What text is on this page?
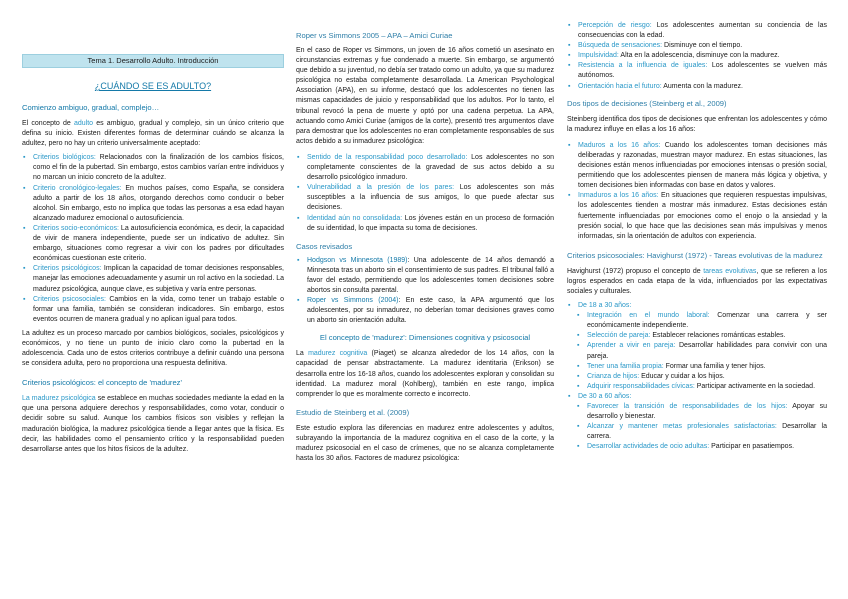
Tema 1. Desarrollo Adulto. Introducción
¿CUÁNDO SE ES ADULTO?
Comienzo ambiguo, gradual, complejo…

El concepto de adulto es ambiguo, gradual y complejo, sin un único criterio que defina su inicio. Existen diferentes formas de determinar cuándo se alcanza la adultez, pero no hay un criterio universalmente aceptado:

▪ Criterios biológicos: Relacionados con la finalización de los cambios físicos, como el fin de la pubertad. Sin embargo, estos cambios varían entre individuos y no marcan un inicio concreto de la adultez.
▪ Criterio cronológico-legales: En muchos países, como España, se considera adulto a partir de los 18 años, otorgando derechos como conducir o beber alcohol. Sin embargo, esto no implica que todas las personas a esa edad hayan alcanzado madurez emocional o autosuficiencia.
▪ Criterios socio-económicos: La autosuficiencia económica, es decir, la capacidad de vivir de manera independiente, puede ser un indicativo de adultez. Sin embargo, situaciones como regresar a vivir con los padres por dificultades económicas cuestionan este criterio.
▪ Criterios psicológicos: Implican la capacidad de tomar decisiones responsables, manejar las emociones adecuadamente y asumir un rol activo en la sociedad. La madurez psicológica, aunque clave, es subjetiva y varía entre personas.
▪ Criterios psicosociales: Cambios en la vida, como tener un trabajo estable o formar una familia, también se consideran indicadores. Sin embargo, estos eventos ocurren de manera gradual y no aplican igual para todos.

La adultez es un proceso marcado por cambios biológicos, sociales, psicológicos y económicos, y no tiene un punto de inicio claro como la pubertad en la adolescencia. Cada uno de estos criterios contribuye a definir cuándo una persona se considera adulta, pero no proporciona una respuesta definitiva.

Criterios psicológicos: el concepto de 'madurez'

La madurez psicológica se establece en muchas sociedades mediante la edad en la que una persona adquiere derechos y responsabilidades, como votar, conducir o decidir sobre su salud. Aunque los cambios físicos son visibles y reflejan la maduración biológica, la madurez psicológica tiende a llegar antes que la física. Es decir, las habilidades como el pensamiento crítico y la responsabilidad pueden desarrollarse antes que los hitos físicos de la adultez.

Roper vs Simmons 2005 – APA – Amici Curiae

En el caso de Roper vs Simmons, un joven de 16 años cometió un asesinato en circunstancias extremas y fue condenado a muerte. Sin embargo, se argumentó que debido a su juventud, no debía ser tratado como un adulto, ya que su madurez psicológica no estaba completamente desarrollada. La American Psychological Association (APA), en su informe, destacó que los adolescentes no tienen las mismas capacidades de juicio y responsabilidad que los adultos. Por lo tanto, el tribunal revocó la pena de muerte y optó por una cadena perpetua. La APA, actuando como Amici Curiae (amigos de la corte), presentó tres argumentos clave para demostrar que los adolescentes no eran completamente responsables de sus actos debido a su inmadurez psicológica:

▪ Sentido de la responsabilidad poco desarrollado: Los adolescentes no son completamente conscientes de la gravedad de sus actos debido a su desarrollo psicológico inmaduro.
▪ Vulnerabilidad a la presión de los pares: Los adolescentes son más susceptibles a la influencia de sus amigos, lo que puede afectar sus decisiones.
▪ Identidad aún no consolidada: Los jóvenes están en un proceso de formación de su identidad, lo que impacta su toma de decisiones.
Casos revisados
▪ Hodgson vs Minnesota (1989): Una adolescente de 14 años demandó a Minnesota tras un aborto sin el consentimiento de sus padres. El tribunal falló a favor del estado, permitiendo que los adolescentes tomen decisiones sobre abortos sin consulta parental.
▪ Roper vs Simmons (2004): En este caso, la APA argumentó que los adolescentes, por su inmadurez, no deberían tomar decisiones graves como un aborto sin orientación adulta.
El concepto de 'madurez': Dimensiones cognitiva y psicosocial

La madurez cognitiva (Piaget) se alcanza alrededor de los 14 años, con la capacidad de pensar abstractamente. La madurez identitaria (Erikson) se desarrolla entre los 16-18 años, cuando los adolescentes exploran y consolidan su identidad. La madurez moral (Kohlberg), también en este rango, implica comprender lo que es moralmente correcto e incorrecto.

Estudio de Steinberg et al. (2009)

Este estudio explora las diferencias en madurez entre adolescentes y adultos, subrayando la importancia de la madurez cognitiva en el caso de la corte, y la madurez psicosocial en el caso de crímenes, que no se alcanza completamente hasta los 30 años. Factores de madurez psicológica:

▪ Percepción de riesgo: Los adolescentes aumentan su conciencia de las consecuencias con la edad.
▪ Búsqueda de sensaciones: Disminuye con el tiempo.
▪ Impulsividad: Alta en la adolescencia, disminuye con la madurez.
▪ Resistencia a la influencia de iguales: Los adolescentes se vuelven más autónomos.
▪ Orientación hacia el futuro: Aumenta con la madurez.
Dos tipos de decisiones (Steinberg et al., 2009)

Steinberg identifica dos tipos de decisiones que enfrentan los adolescentes y cómo la madurez influye en ellas a los 16 años:

▪ Maduros a los 16 años: Cuando los adolescentes toman decisiones más deliberadas y razonadas, muestran mayor madurez. En estas situaciones, las decisiones están menos influenciadas por emociones intensas o presión social, permitiendo que los adolescentes piensen de manera más lógica y objetiva, y tomen decisiones bien informadas con base en datos y valores.
▪ Inmaduros a los 16 años: En situaciones que requieren respuestas impulsivas, los adolescentes tienden a mostrar más inmadurez. Estas decisiones están fuertemente influenciadas por emociones como el enojo o la ansiedad y la presión social, lo que hace que las decisiones sean más impulsivas y menos informadas, sin la orientación de adultos con experiencia.
Criterios psicosociales: Havighurst (1972) - Tareas evolutivas de la madurez

Havighurst (1972) propuso el concepto de tareas evolutivas, que se refieren a los logros esperados en cada etapa de la vida, influenciados por las expectativas sociales y culturales.

▪ De 18 a 30 años:
▪ Integración en el mundo laboral: Comenzar una carrera y ser económicamente independiente.
▪ Selección de pareja: Establecer relaciones románticas estables.
▪ Aprender a vivir en pareja: Desarrollar habilidades para convivir con una pareja.
▪ Tener una familia propia: Formar una familia y tener hijos.
▪ Crianza de hijos: Educar y cuidar a los hijos.
▪ Adquirir responsabilidades cívicas: Participar activamente en la sociedad.
▪ De 30 a 60 años:
▪ Favorecer la transición de responsabilidades de los hijos: Apoyar su desarrollo y bienestar.
▪ Alcanzar y mantener metas profesionales satisfactorias: Desarrollar la carrera.
▪ Desarrollar actividades de ocio adultas: Participar en pasatiempos.
